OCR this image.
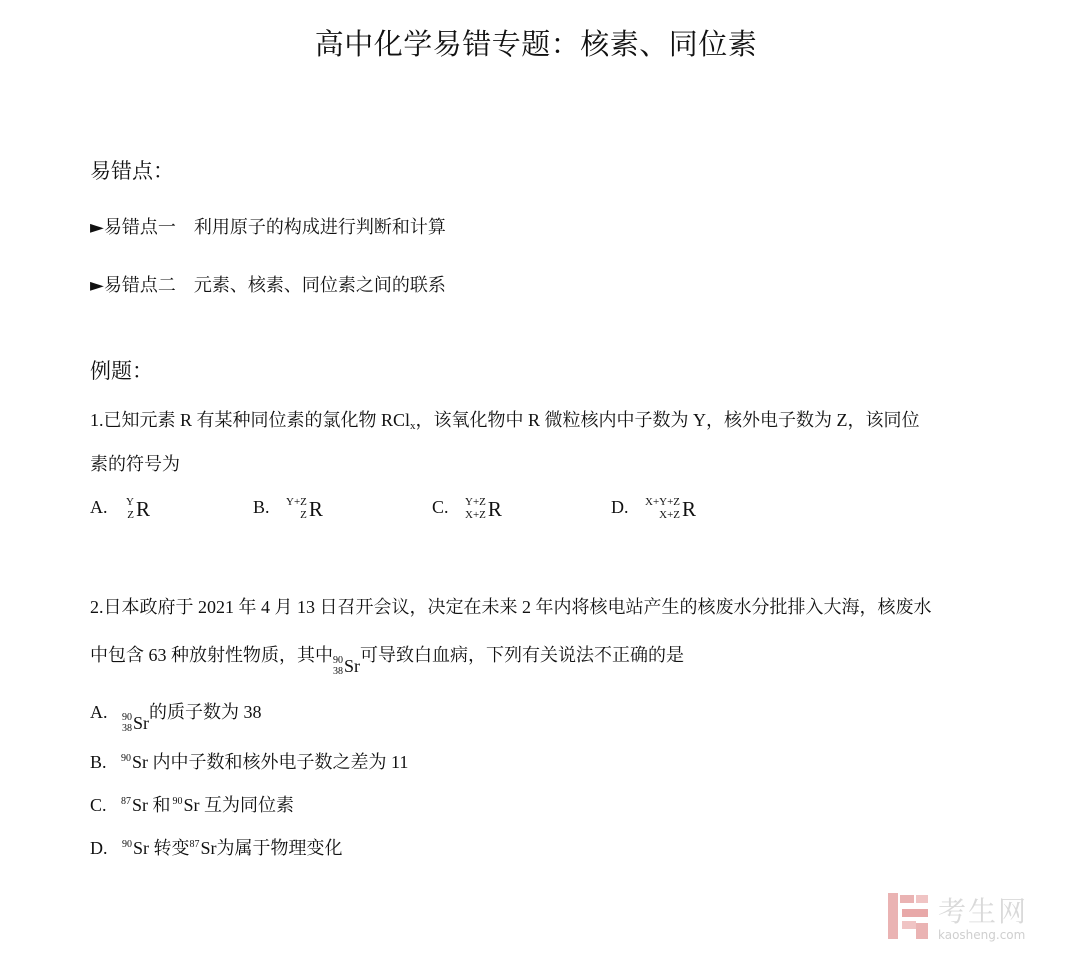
高中化学易错专题：核素、同位素
易错点：
►易错点一 利用原子的构成进行判断和计算
►易错点二 元素、核素、同位素之间的联系
例题：
1.已知元素 R 有某种同位素的氯化物 RCl$_x$，该氧化物中 R 微粒核内中子数为 Y，核外电子数为 Z，该同位
素的符号为
A. Y
Z R	B. Y+Z
Z R	C. Y+Z
X+Z R	D. X+Y+Z
X+Z R
2.日本政府于 2021 年 4 月 13 日召开会议，决定在未来 2 年内将核电站产生的核废水分批排入大海，核废水
中包含 63 种放射性物质，其中 90
38 Sr
可导致白血病，下列有关说法不正确的是
A. 90
38 Sr
的质子数为 38
B. $^{90}$Sr 内中子数和核外电子数之差为 11
C. $^{87}$Sr 和 $^{90}$Sr 互为同位素
D. $^{90}$Sr 转变$^{87}$Sr为属于物理变化
考生网
kaosheng.com
